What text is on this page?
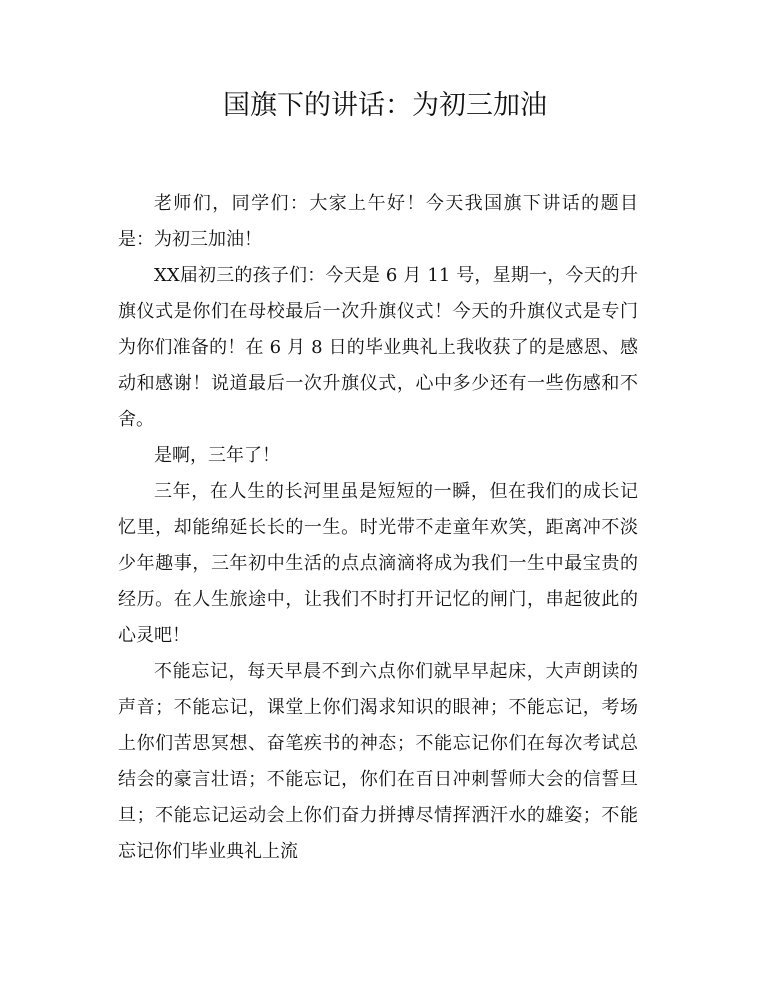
国旗下的讲话：为初三加油

老师们，同学们：大家上午好！今天我国旗下讲话的题目是：为初三加油！

XX届初三的孩子们：今天是 6 月 11 号，星期一，今天的升旗仪式是你们在母校最后一次升旗仪式！今天的升旗仪式是专门为你们准备的！在 6 月 8 日的毕业典礼上我收获了的是感恩、感动和感谢！说道最后一次升旗仪式，心中多少还有一些伤感和不舍。

是啊，三年了！

三年，在人生的长河里虽是短短的一瞬，但在我们的成长记忆里，却能绵延长长的一生。时光带不走童年欢笑，距离冲不淡少年趣事，三年初中生活的点点滴滴将成为我们一生中最宝贵的经历。在人生旅途中，让我们不时打开记忆的闸门，串起彼此的心灵吧！

不能忘记，每天早晨不到六点你们就早早起床，大声朗读的声音；不能忘记，课堂上你们渴求知识的眼神；不能忘记，考场上你们苦思冥想、奋笔疾书的神态；不能忘记你们在每次考试总结会的豪言壮语；不能忘记，你们在百日冲刺誓师大会的信誓旦旦；不能忘记运动会上你们奋力拼搏尽情挥洒汗水的雄姿；不能忘记你们毕业典礼上流
